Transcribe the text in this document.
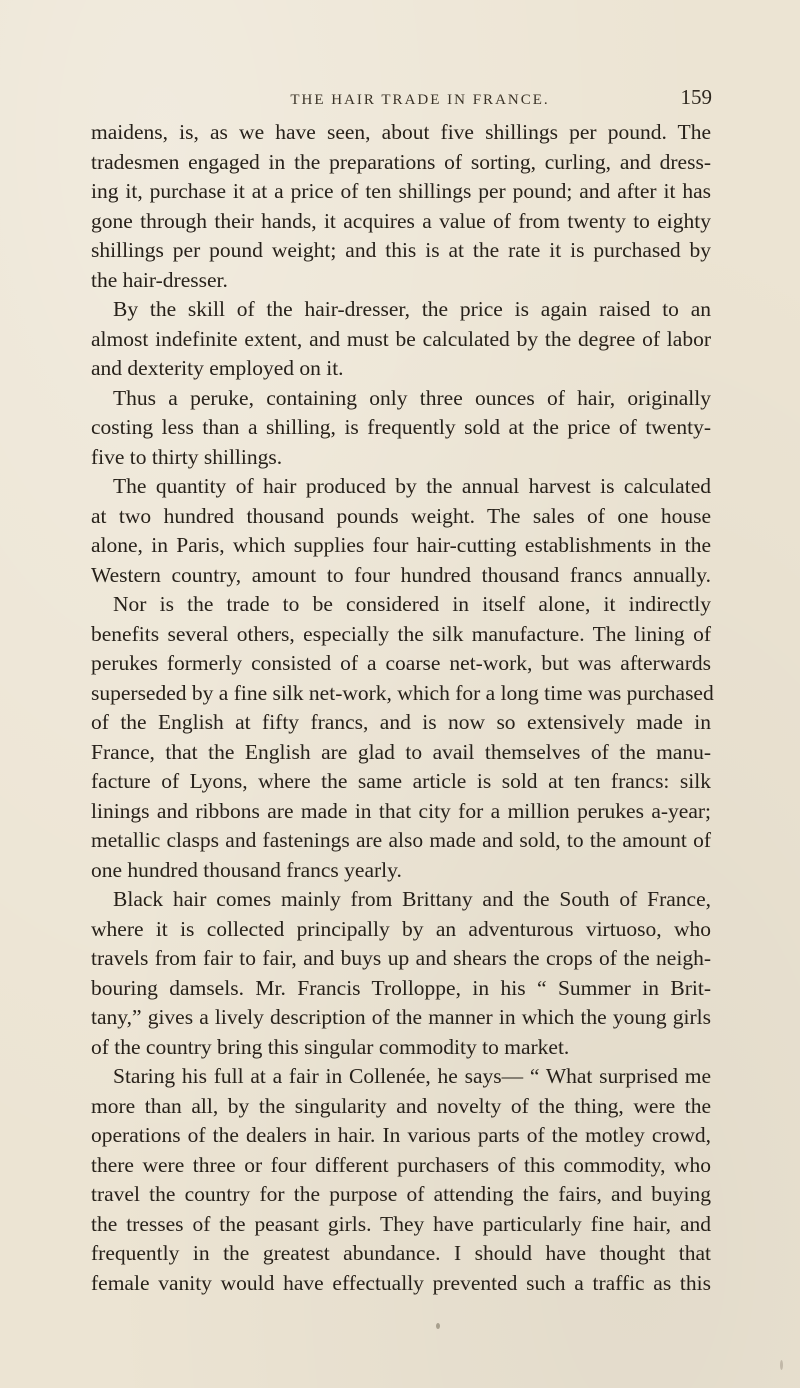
THE HAIR TRADE IN FRANCE.	159
maidens, is, as we have seen, about five shillings per pound. The
tradesmen engaged in the preparations of sorting, curling, and dress-
ing it, purchase it at a price of ten shillings per pound; and after it has
gone through their hands, it acquires a value of from twenty to eighty
shillings per pound weight; and this is at the rate it is purchased by
the hair-dresser.
By the skill of the hair-dresser, the price is again raised to an
almost indefinite extent, and must be calculated by the degree of labor
and dexterity employed on it.
Thus a peruke, containing only three ounces of hair, originally
costing less than a shilling, is frequently sold at the price of twenty-
five to thirty shillings.
The quantity of hair produced by the annual harvest is calculated
at two hundred thousand pounds weight. The sales of one house
alone, in Paris, which supplies four hair-cutting establishments in the
Western country, amount to four hundred thousand francs annually.
Nor is the trade to be considered in itself alone, it indirectly
benefits several others, especially the silk manufacture. The lining of
perukes formerly consisted of a coarse net-work, but was afterwards
superseded by a fine silk net-work, which for a long time was purchased
of the English at fifty francs, and is now so extensively made in
France, that the English are glad to avail themselves of the manu-
facture of Lyons, where the same article is sold at ten francs: silk
linings and ribbons are made in that city for a million perukes a-year;
metallic clasps and fastenings are also made and sold, to the amount of
one hundred thousand francs yearly.
Black hair comes mainly from Brittany and the South of France,
where it is collected principally by an adventurous virtuoso, who
travels from fair to fair, and buys up and shears the crops of the neigh-
bouring damsels. Mr. Francis Trolloppe, in his “ Summer in Brit-
tany,” gives a lively description of the manner in which the young girls
of the country bring this singular commodity to market.
Staring his full at a fair in Collenée, he says— “ What surprised me
more than all, by the singularity and novelty of the thing, were the
operations of the dealers in hair. In various parts of the motley crowd,
there were three or four different purchasers of this commodity, who
travel the country for the purpose of attending the fairs, and buying
the tresses of the peasant girls. They have particularly fine hair, and
frequently in the greatest abundance. I should have thought that
female vanity would have effectually prevented such a traffic as this
